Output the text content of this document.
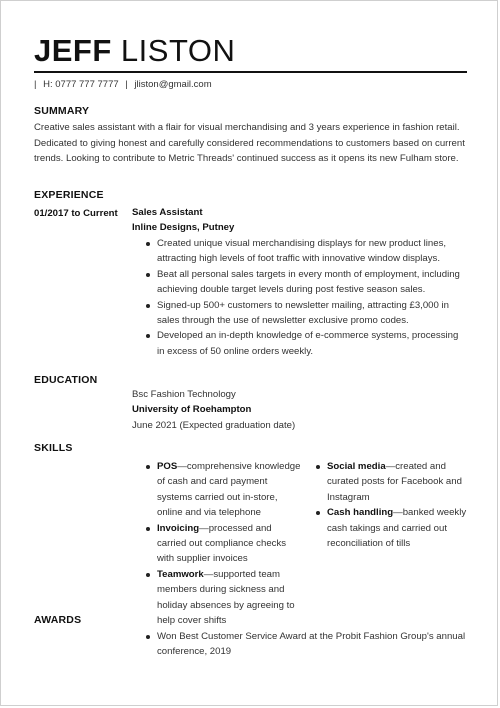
JEFF LISTON
| H: 0777 777 7777 | jliston@gmail.com
SUMMARY
Creative sales assistant with a flair for visual merchandising and 3 years experience in fashion retail. Dedicated to giving honest and carefully considered recommendations to customers based on current trends. Looking to contribute to Metric Threads' continued success as it opens its new Fulham store.
EXPERIENCE
01/2017 to Current Sales Assistant
Inline Designs, Putney
Created unique visual merchandising displays for new product lines, attracting high levels of foot traffic with innovative window displays.
Beat all personal sales targets in every month of employment, including achieving double target levels during post festive season sales.
Signed-up 500+ customers to newsletter mailing, attracting £3,000 in sales through the use of newsletter exclusive promo codes.
Developed an in-depth knowledge of e-commerce systems, processing in excess of 50 online orders weekly.
EDUCATION
Bsc Fashion Technology
University of Roehampton
June 2021 (Expected graduation date)
SKILLS
POS—comprehensive knowledge of cash and card payment systems carried out in-store, online and via telephone
Invoicing—processed and carried out compliance checks with supplier invoices
Teamwork—supported team members during sickness and holiday absences by agreeing to help cover shifts
Social media—created and curated posts for Facebook and Instagram
Cash handling—banked weekly cash takings and carried out reconciliation of tills
AWARDS
Won Best Customer Service Award at the Probit Fashion Group's annual conference, 2019
